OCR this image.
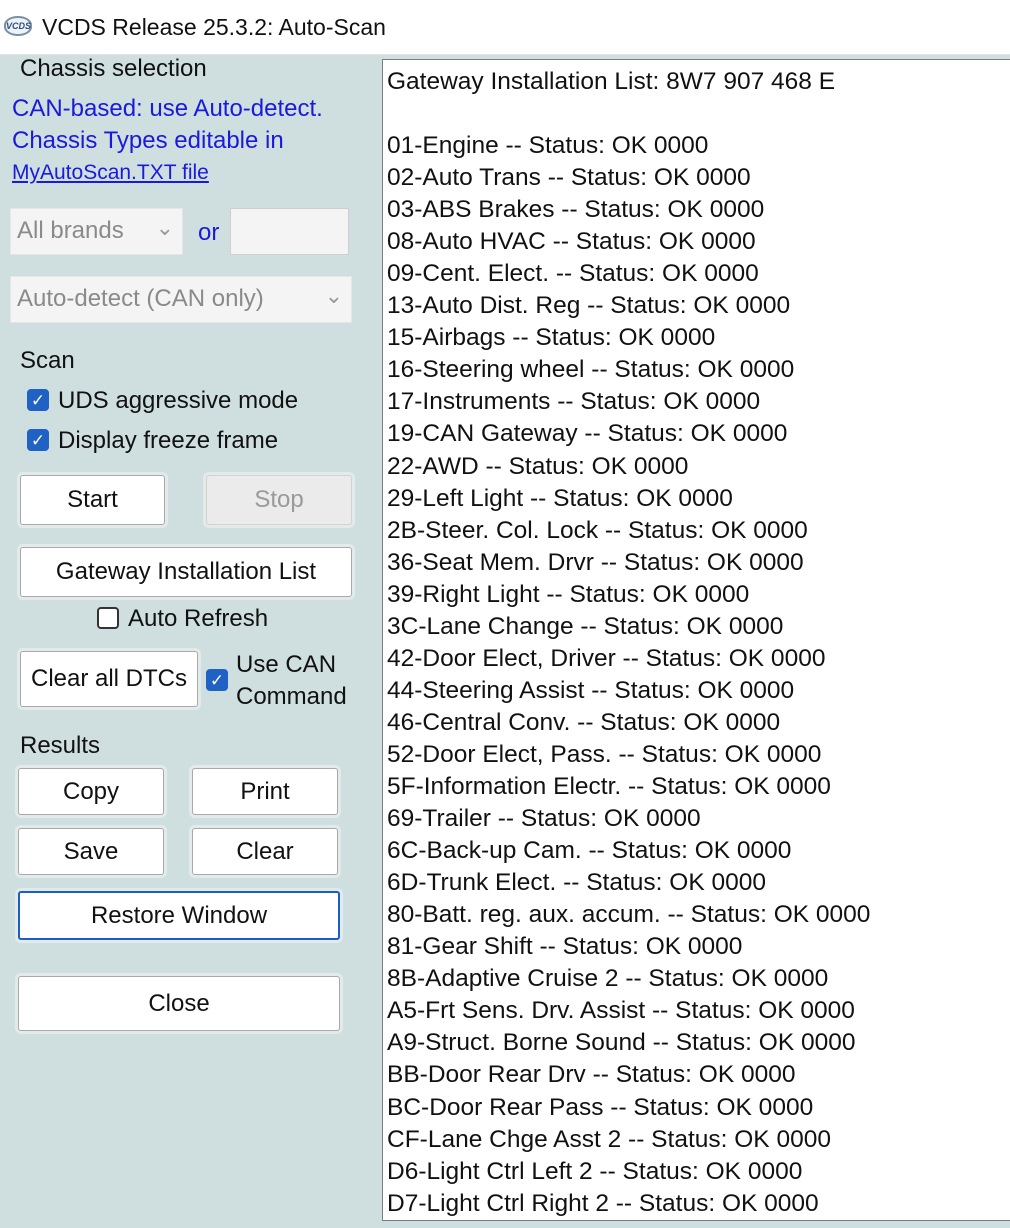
VCDS VCDS Release 25.3.2: Auto-Scan
Chassis selection
CAN-based: use Auto-detect.
Chassis Types editable in
MyAutoScan.TXT file
All brands ⌄ or
Auto-detect (CAN only)	⌄
Scan
✓ UDS aggressive mode
✓ Display freeze frame
Start	Stop
Gateway Installation List
Auto Refresh
Clear all DTCs	✓
Use CAN
Command
Results
Copy	Print
Save	Clear
Restore Window
Close
Gateway Installation List: 8W7 907 468 E
01-Engine -- Status: OK 0000
02-Auto Trans -- Status: OK 0000
03-ABS Brakes -- Status: OK 0000
08-Auto HVAC -- Status: OK 0000
09-Cent. Elect. -- Status: OK 0000
13-Auto Dist. Reg -- Status: OK 0000
15-Airbags -- Status: OK 0000
16-Steering wheel -- Status: OK 0000
17-Instruments -- Status: OK 0000
19-CAN Gateway -- Status: OK 0000
22-AWD -- Status: OK 0000
29-Left Light -- Status: OK 0000
2B-Steer. Col. Lock -- Status: OK 0000
36-Seat Mem. Drvr -- Status: OK 0000
39-Right Light -- Status: OK 0000
3C-Lane Change -- Status: OK 0000
42-Door Elect, Driver -- Status: OK 0000
44-Steering Assist -- Status: OK 0000
46-Central Conv. -- Status: OK 0000
52-Door Elect, Pass. -- Status: OK 0000
5F-Information Electr. -- Status: OK 0000
69-Trailer -- Status: OK 0000
6C-Back-up Cam. -- Status: OK 0000
6D-Trunk Elect. -- Status: OK 0000
80-Batt. reg. aux. accum. -- Status: OK 0000
81-Gear Shift -- Status: OK 0000
8B-Adaptive Cruise 2 -- Status: OK 0000
A5-Frt Sens. Drv. Assist -- Status: OK 0000
A9-Struct. Borne Sound -- Status: OK 0000
BB-Door Rear Drv -- Status: OK 0000
BC-Door Rear Pass -- Status: OK 0000
CF-Lane Chge Asst 2 -- Status: OK 0000
D6-Light Ctrl Left 2 -- Status: OK 0000
D7-Light Ctrl Right 2 -- Status: OK 0000
